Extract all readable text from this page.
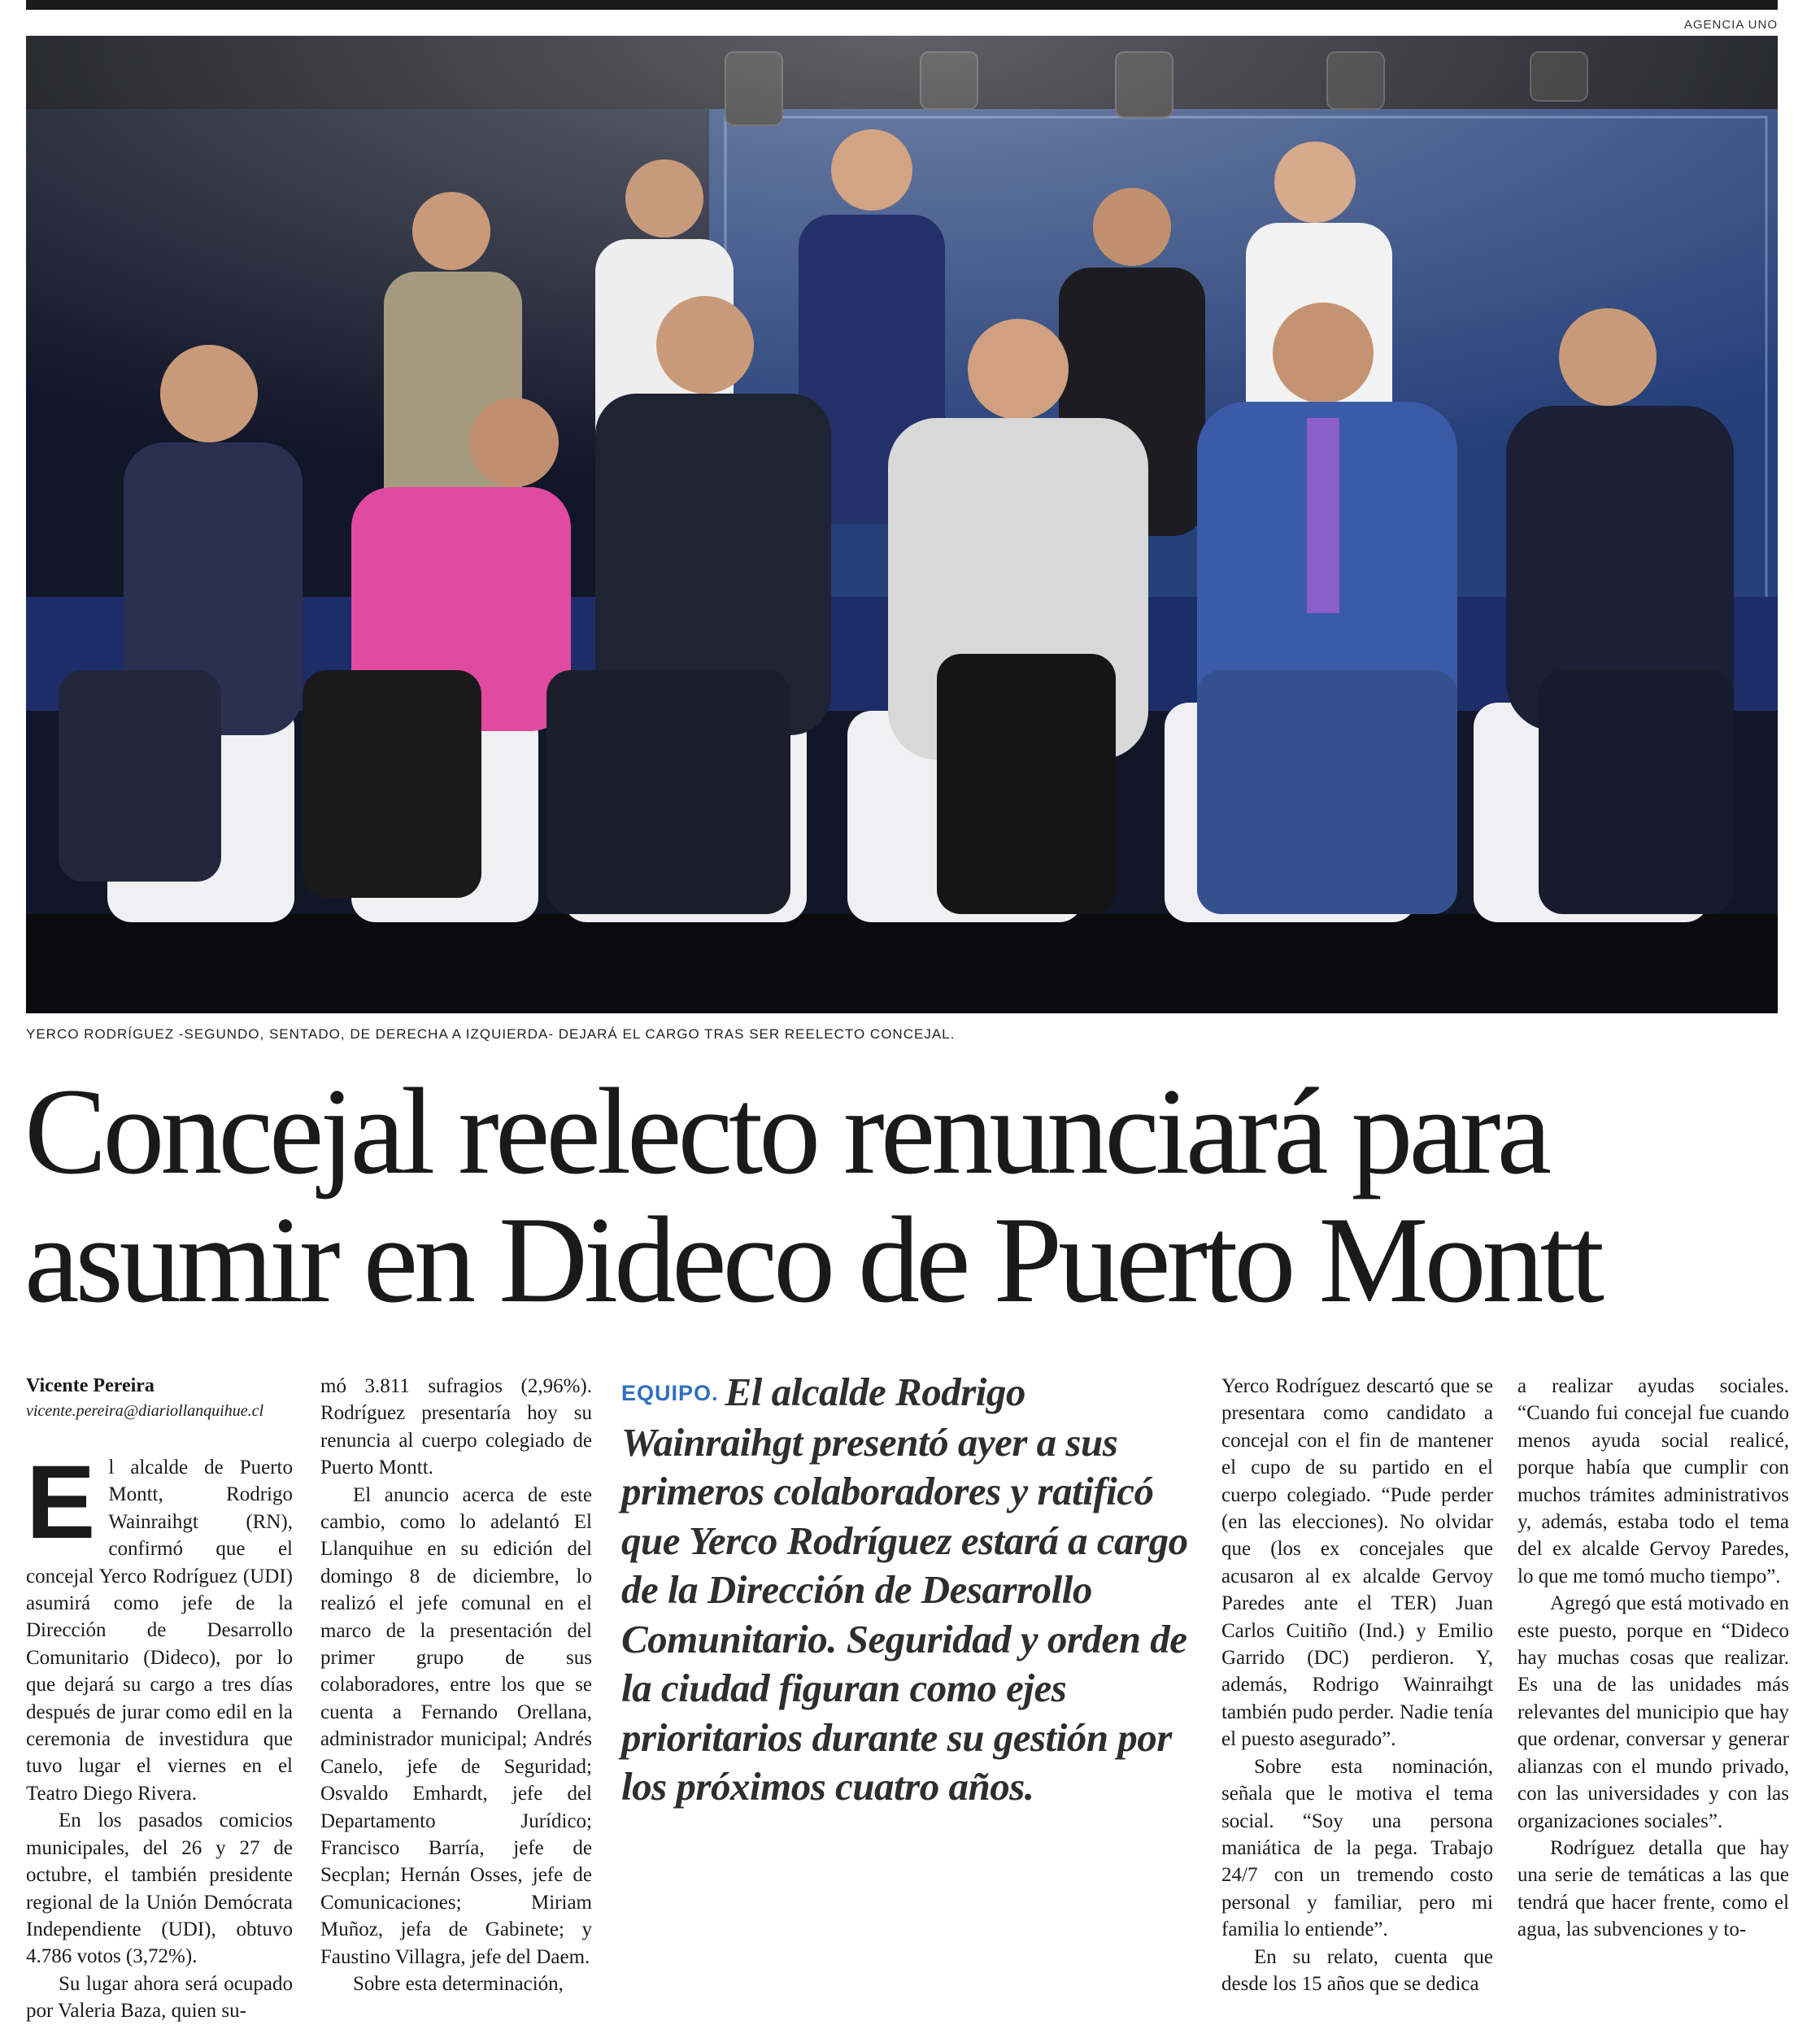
AGENCIA UNO
YERCO RODRÍGUEZ -SEGUNDO, SENTADO, DE DERECHA A IZQUIERDA- DEJARÁ EL CARGO TRAS SER REELECTO CONCEJAL.
Concejal reelecto renunciará para
asumir en Dideco de Puerto Montt

Vicente Pereira

vicente.pereira@diariollanquihue.cl

El alcalde de Puerto Montt, Rodrigo Wainraihgt (RN), confirmó que el concejal Yerco Rodríguez (UDI) asumirá como jefe de la Dirección de Desarrollo Comunitario (Dideco), por lo que dejará su cargo a tres días después de jurar como edil en la ceremonia de investidura que tuvo lugar el viernes en el Teatro Diego Rivera.

En los pasados comicios municipales, del 26 y 27 de octubre, el también presidente regional de la Unión Demócrata Independiente (UDI), obtuvo 4.786 votos (3,72%).

Su lugar ahora será ocupado por Valeria Baza, quien su-

mó 3.811 sufragios (2,96%). Rodríguez presentaría hoy su renuncia al cuerpo colegiado de Puerto Montt.

El anuncio acerca de este cambio, como lo adelantó El Llanquihue en su edición del domingo 8 de diciembre, lo realizó el jefe comunal en el marco de la presentación del primer grupo de sus colaboradores, entre los que se cuenta a Fernando Orellana, administrador municipal; Andrés Canelo, jefe de Seguridad; Osvaldo Emhardt, jefe del Departamento Jurídico; Francisco Barría, jefe de Secplan; Hernán Osses, jefe de Comunicaciones; Miriam Muñoz, jefa de Gabinete; y Faustino Villagra, jefe del Daem.

Sobre esta determinación,

EQUIPO. El alcalde Rodrigo Wainraihgt presentó ayer a sus primeros colaboradores y ratificó que Yerco Rodríguez estará a cargo de la Dirección de Desarrollo Comunitario. Seguridad y orden de la ciudad figuran como ejes prioritarios durante su gestión por los próximos cuatro años.

Yerco Rodríguez descartó que se presentara como candidato a concejal con el fin de mantener el cupo de su partido en el cuerpo colegiado. “Pude perder (en las elecciones). No olvidar que (los ex concejales que acusaron al ex alcalde Gervoy Paredes ante el TER) Juan Carlos Cuitiño (Ind.) y Emilio Garrido (DC) perdieron. Y, además, Rodrigo Wainraihgt también pudo perder. Nadie tenía el puesto asegurado”.

Sobre esta nominación, señala que le motiva el tema social. “Soy una persona maniática de la pega. Trabajo 24/7 con un tremendo costo personal y familiar, pero mi familia lo entiende”.

En su relato, cuenta que desde los 15 años que se dedica

a realizar ayudas sociales. “Cuando fui concejal fue cuando menos ayuda social realicé, porque había que cumplir con muchos trámites administrativos y, además, estaba todo el tema del ex alcalde Gervoy Paredes, lo que me tomó mucho tiempo”.

Agregó que está motivado en este puesto, porque en “Dideco hay muchas cosas que realizar. Es una de las unidades más relevantes del municipio que hay que ordenar, conversar y generar alianzas con el mundo privado, con las universidades y con las organizaciones sociales”.

Rodríguez detalla que hay una serie de temáticas a las que tendrá que hacer frente, como el agua, las subvenciones y to-
